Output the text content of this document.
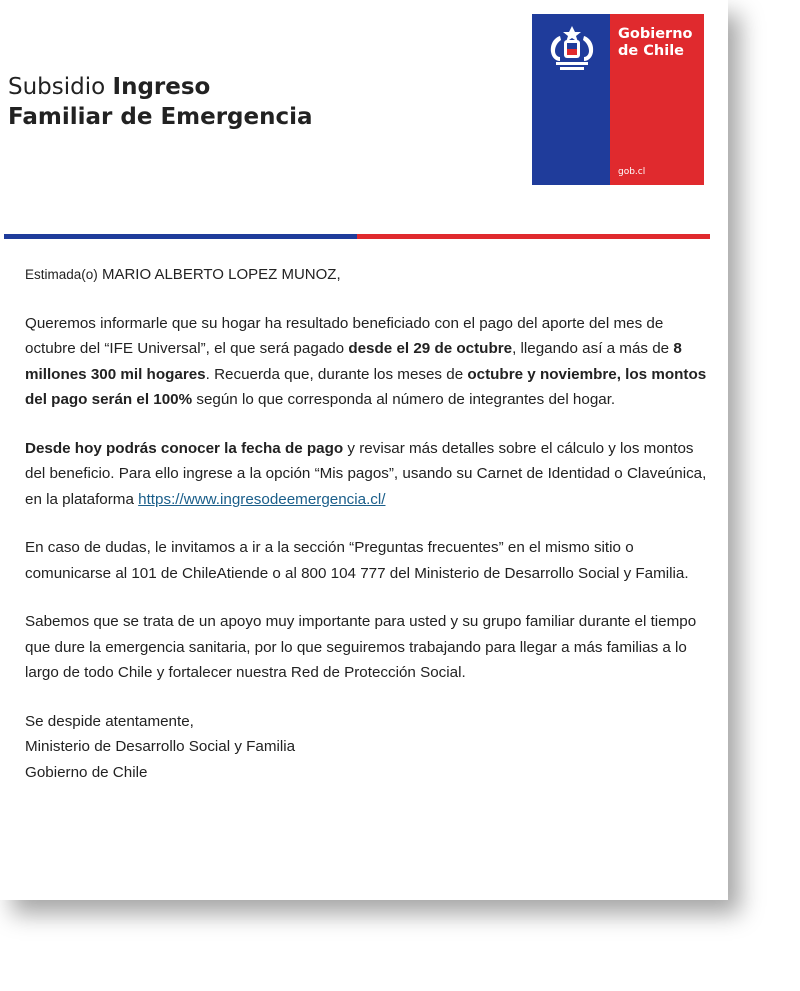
Subsidio Ingreso
Familiar de Emergencia
Gobierno
de Chile
gob.cl

Estimada(o) MARIO ALBERTO LOPEZ MUNOZ,

Queremos informarle que su hogar ha resultado beneficiado con el pago del aporte del mes de octubre del “IFE Universal”, el que será pagado desde el 29 de octubre, llegando así a más de 8 millones 300 mil hogares. Recuerda que, durante los meses de octubre y noviembre, los montos del pago serán el 100% según lo que corresponda al número de integrantes del hogar.

Desde hoy podrás conocer la fecha de pago y revisar más detalles sobre el cálculo y los montos del beneficio. Para ello ingrese a la opción “Mis pagos”, usando su Carnet de Identidad o Claveúnica, en la plataforma https://www.ingresodeemergencia.cl/

En caso de dudas, le invitamos a ir a la sección “Preguntas frecuentes” en el mismo sitio o comunicarse al 101 de ChileAtiende o al 800 104 777 del Ministerio de Desarrollo Social y Familia.

Sabemos que se trata de un apoyo muy importante para usted y su grupo familiar durante el tiempo que dure la emergencia sanitaria, por lo que seguiremos trabajando para llegar a más familias a lo largo de todo Chile y fortalecer nuestra Red de Protección Social.

Se despide atentamente,
Ministerio de Desarrollo Social y Familia
Gobierno de Chile
